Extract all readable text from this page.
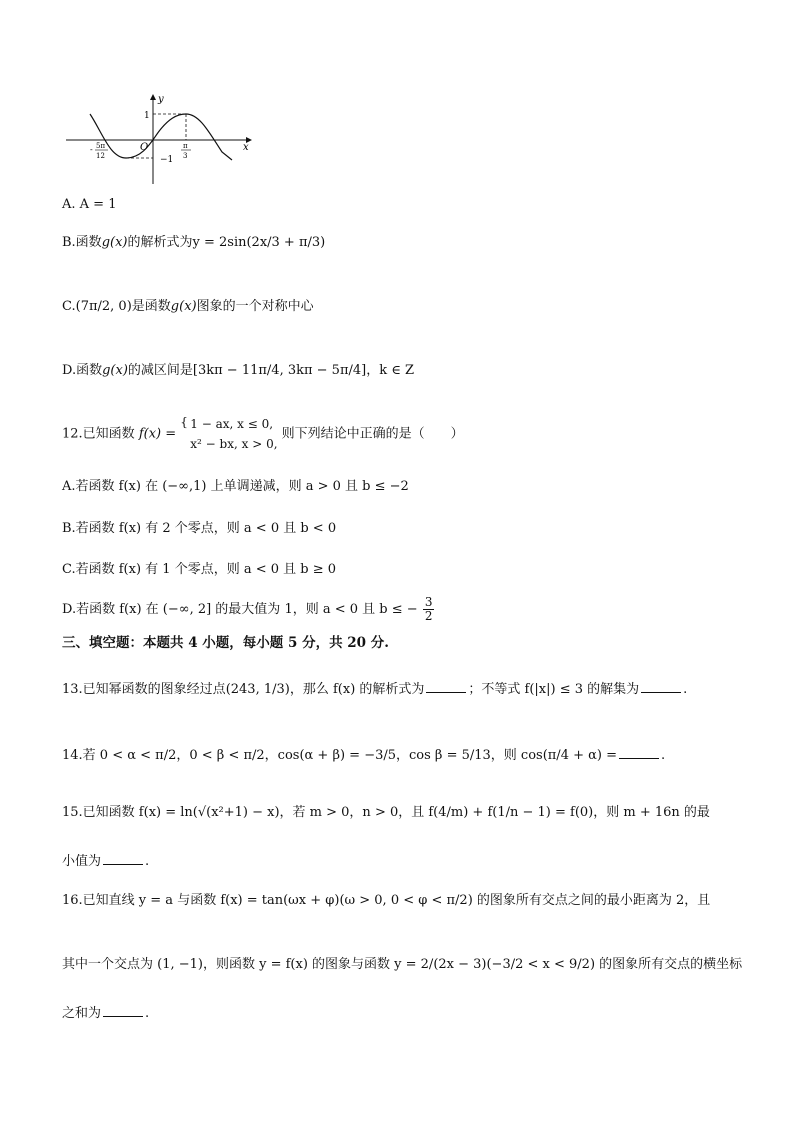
y
x
O
1
−1
5π
-
12
π
3
A. A = 1
B.函数g(x)的解析式为y = 2sin(2x/3 + π/3)
C.(7π/2, 0)是函数g(x)图象的一个对称中心
D.函数g(x)的减区间是[3kπ − 11π/4, 3kπ − 5π/4]，k ∈ Z
12.已知函数 f(x) =
{ 1 − ax, x ≤ 0,
x² − bx, x > 0,
则下列结论中正确的是（　　）
A.若函数 f(x) 在 (−∞,1) 上单调递减，则 a > 0 且 b ≤ −2
B.若函数 f(x) 有 2 个零点，则 a < 0 且 b < 0
C.若函数 f(x) 有 1 个零点，则 a < 0 且 b ≥ 0
D.若函数 f(x) 在 (−∞, 2] 的最大值为 1，则 a < 0 且 b ≤ − $\frac{3}{2}$
三、填空题：本题共 4 小题，每小题 5 分，共 20 分.
13.已知幂函数的图象经过点(243, 1/3)，那么 f(x) 的解析式为	；不等式 f(|x|) ≤ 3 的解集为	.
14.若 0 < α < π/2，0 < β < π/2，cos(α + β) = −3/5，cos β = 5/13，则 cos(π/4 + α) =	.
15.已知函数 f(x) = ln(√(x²+1) − x)，若 m > 0，n > 0，且 f(4/m) + f(1/n − 1) = f(0)，则 m + 16n 的最
小值为	.
16.已知直线 y = a 与函数 f(x) = tan(ωx + φ)(ω > 0, 0 < φ < π/2) 的图象所有交点之间的最小距离为 2，且
其中一个交点为 (1, −1)，则函数 y = f(x) 的图象与函数 y = 2/(2x − 3)(−3/2 < x < 9/2) 的图象所有交点的横坐标
之和为	.
